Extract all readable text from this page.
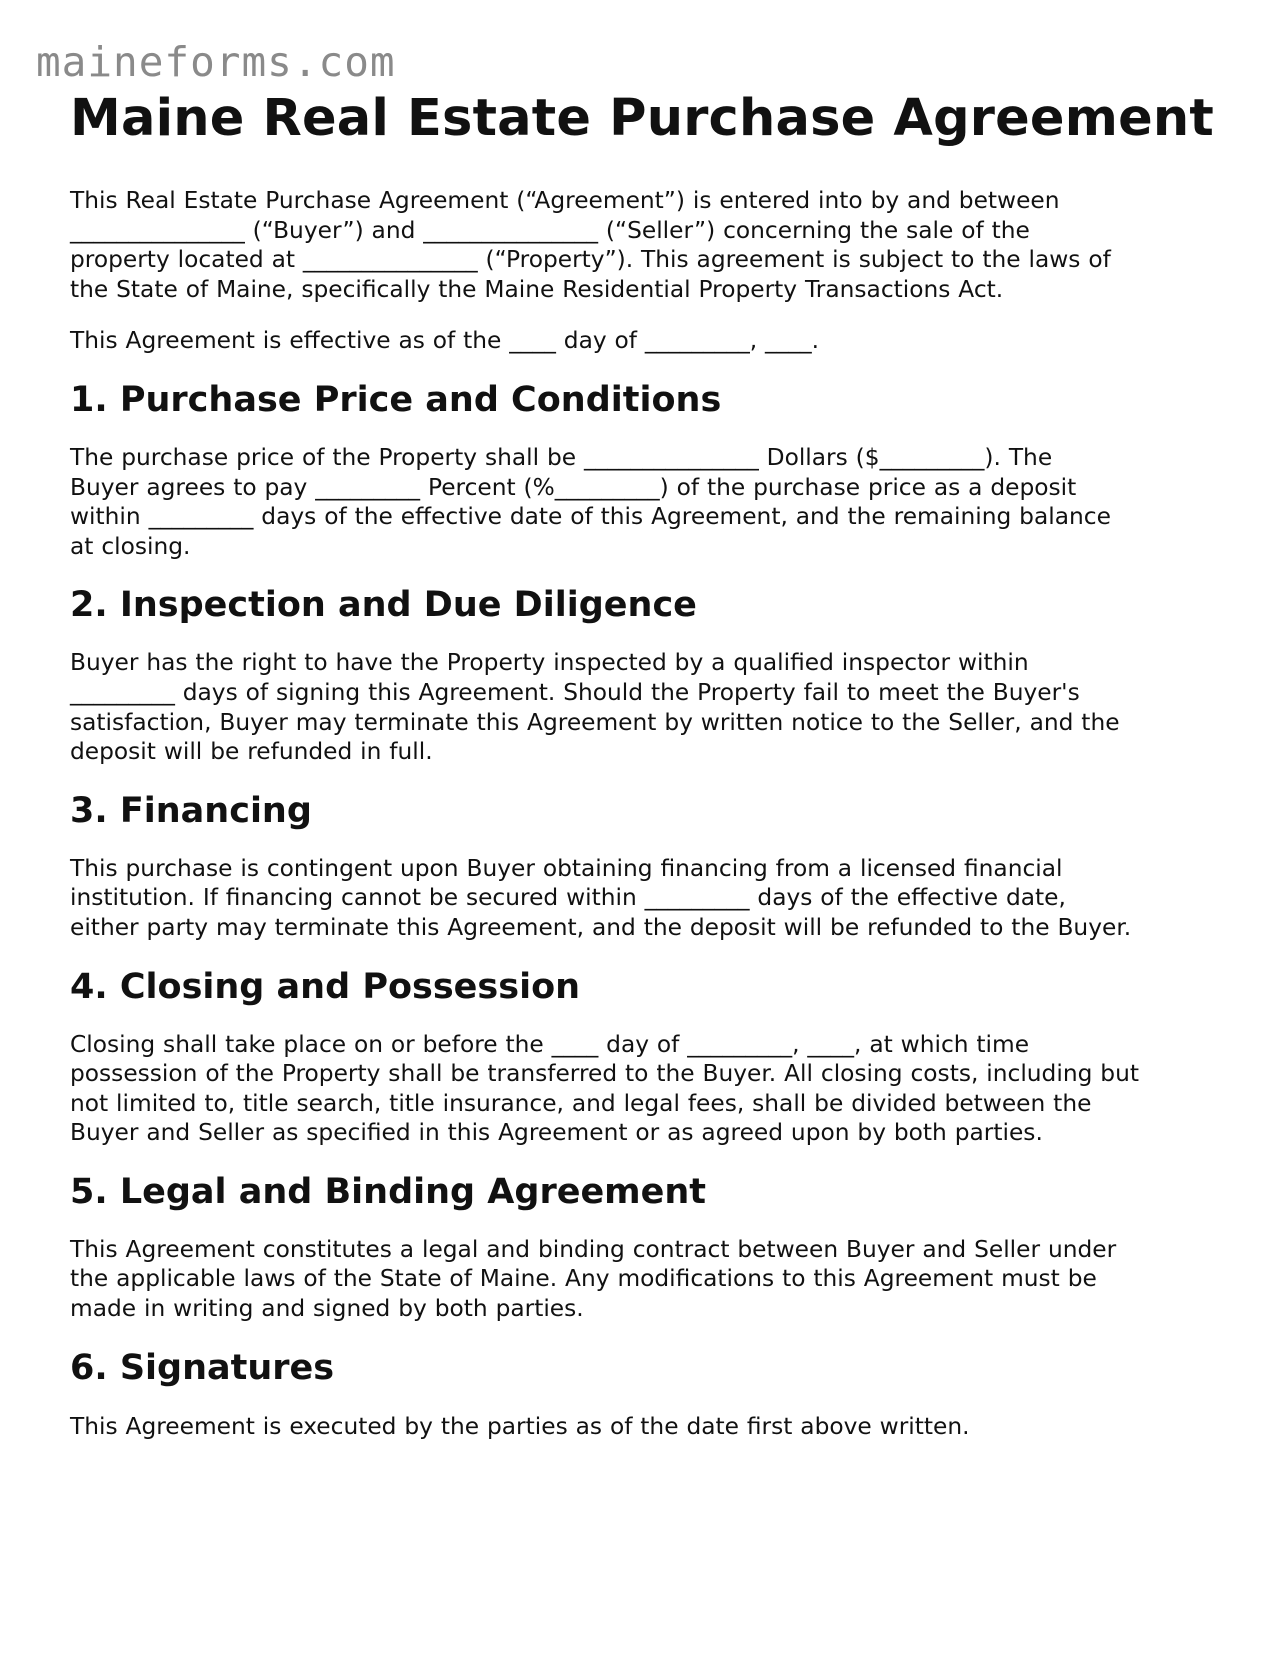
maineforms.com
Maine Real Estate Purchase Agreement

This Real Estate Purchase Agreement (“Agreement”) is entered into by and between
_______________ (“Buyer”) and _______________ (“Seller”) concerning the sale of the
property located at _______________ (“Property”). This agreement is subject to the laws of
the State of Maine, specifically the Maine Residential Property Transactions Act.

This Agreement is effective as of the ____ day of _________, ____.

1. Purchase Price and Conditions

The purchase price of the Property shall be _______________ Dollars ($_________). The
Buyer agrees to pay _________ Percent (%_________) of the purchase price as a deposit
within _________ days of the effective date of this Agreement, and the remaining balance
at closing.

2. Inspection and Due Diligence

Buyer has the right to have the Property inspected by a qualified inspector within
_________ days of signing this Agreement. Should the Property fail to meet the Buyer's
satisfaction, Buyer may terminate this Agreement by written notice to the Seller, and the
deposit will be refunded in full.

3. Financing

This purchase is contingent upon Buyer obtaining financing from a licensed financial
institution. If financing cannot be secured within _________ days of the effective date,
either party may terminate this Agreement, and the deposit will be refunded to the Buyer.

4. Closing and Possession

Closing shall take place on or before the ____ day of _________, ____, at which time
possession of the Property shall be transferred to the Buyer. All closing costs, including but
not limited to, title search, title insurance, and legal fees, shall be divided between the
Buyer and Seller as specified in this Agreement or as agreed upon by both parties.

5. Legal and Binding Agreement

This Agreement constitutes a legal and binding contract between Buyer and Seller under
the applicable laws of the State of Maine. Any modifications to this Agreement must be
made in writing and signed by both parties.

6. Signatures

This Agreement is executed by the parties as of the date first above written.
